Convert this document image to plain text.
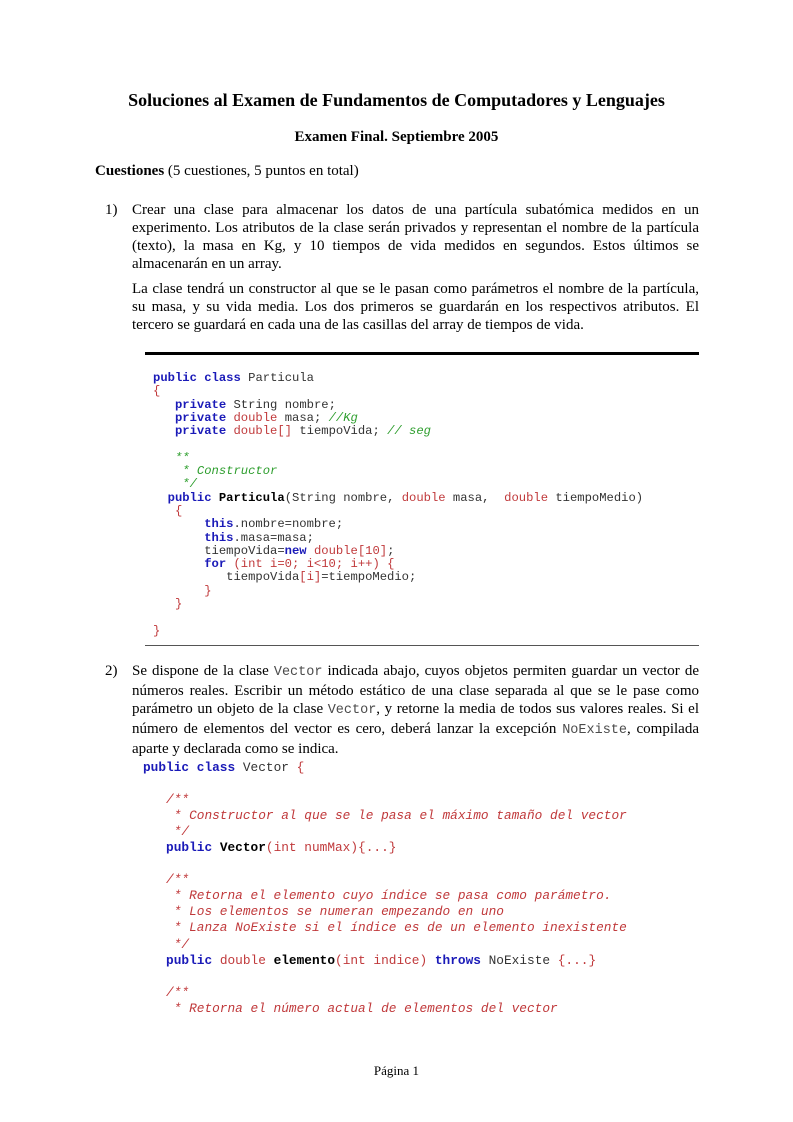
Soluciones al Examen de Fundamentos de Computadores y Lenguajes
Examen Final. Septiembre 2005
Cuestiones (5 cuestiones, 5 puntos en total)
1) Crear una clase para almacenar los datos de una partícula subatómica medidos en un experimento. Los atributos de la clase serán privados y representan el nombre de la partícula (texto), la masa en Kg, y 10 tiempos de vida medidos en segundos. Estos últimos se almacenarán en un array.

La clase tendrá un constructor al que se le pasan como parámetros el nombre de la partícula, su masa, y su vida media. Los dos primeros se guardarán en los respectivos atributos. El tercero se guardará en cada una de las casillas del array de tiempos de vida.

public class Particula
{
private String nombre;
private double masa; //Kg
private double[] tiempoVida; // seg

**
* Constructor
*/
public Particula(String nombre, double masa,  double tiempoMedio)
{
this.nombre=nombre;
this.masa=masa;
tiempoVida=new double[10];
for (int i=0; i<10; i++) {
tiempoVida[i]=tiempoMedio;
}
}

}
2) Se dispone de la clase Vector indicada abajo, cuyos objetos permiten guardar un vector de números reales. Escribir un método estático de una clase separada al que se le pase como parámetro un objeto de la clase Vector, y retorne la media de todos sus valores reales. Si el número de elementos del vector es cero, deberá lanzar la excepción NoExiste, compilada aparte y declarada como se indica.

public class Vector {

/**
* Constructor al que se le pasa el máximo tamaño del vector
*/
public Vector(int numMax){...}

/**
* Retorna el elemento cuyo índice se pasa como parámetro.
* Los elementos se numeran empezando en uno
* Lanza NoExiste si el índice es de un elemento inexistente
*/
public double elemento(int indice) throws NoExiste {...}

/**
* Retorna el número actual de elementos del vector
Página 1
